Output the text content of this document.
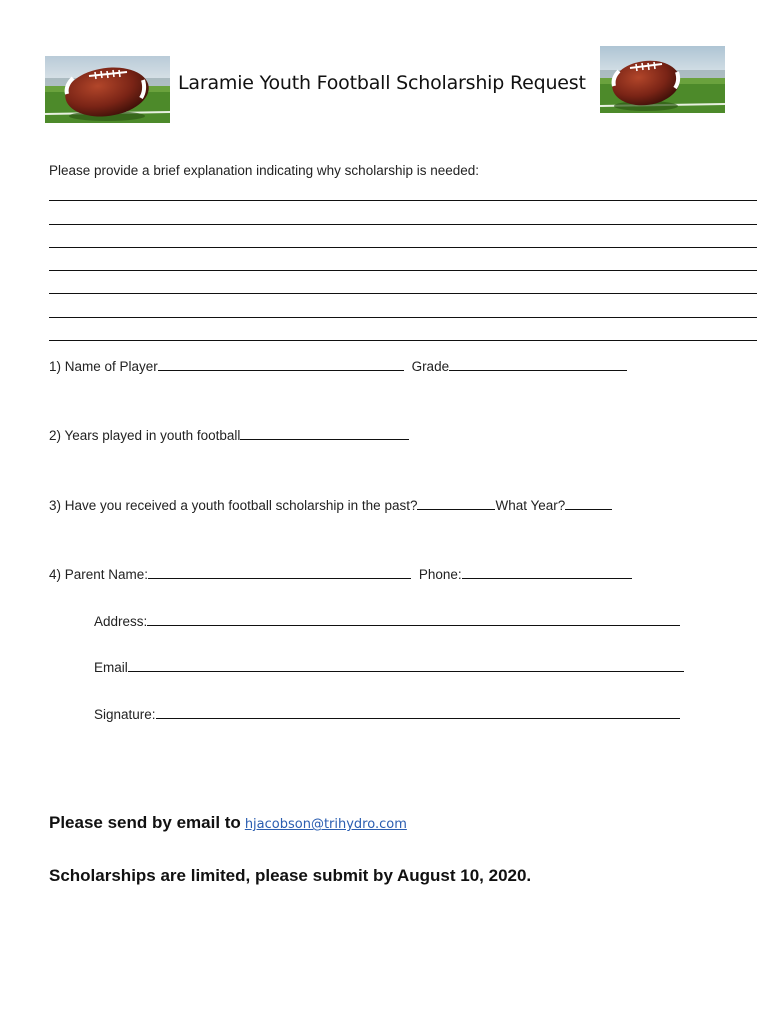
Laramie Youth Football Scholarship Request
Please provide a brief explanation indicating why scholarship is needed:
1) Name of Player	Grade
2) Years played in youth football
3) Have you received a youth football scholarship in the past?	What Year?
4) Parent Name:	Phone:
Address:
Email
Signature:
Please send by email to hjacobson@trihydro.com
Scholarships are limited, please submit by August 10, 2020.
